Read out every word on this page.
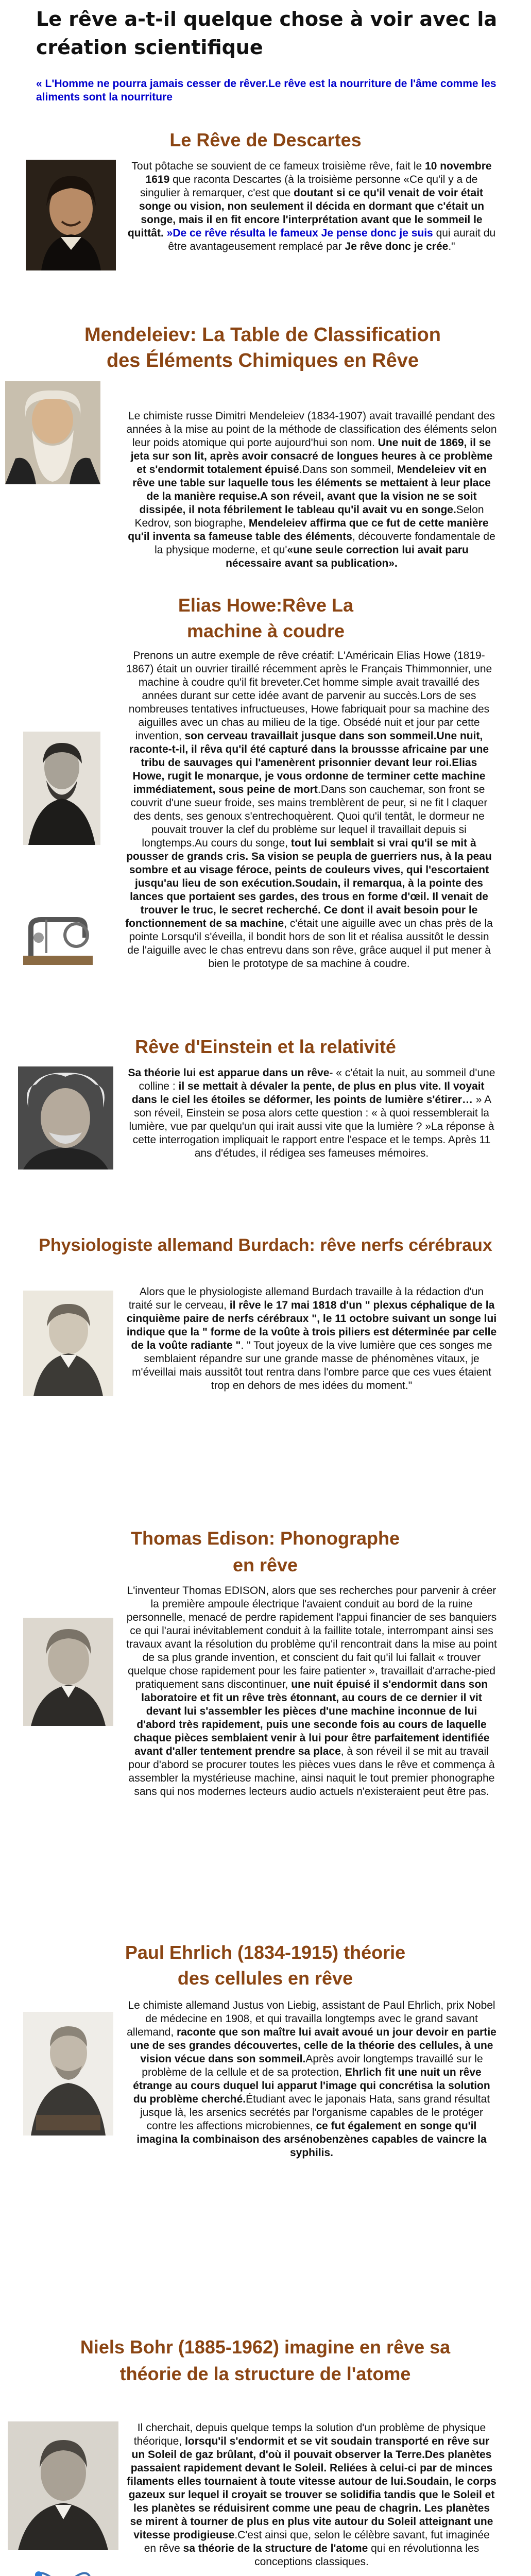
Le rêve a-t-il quelque chose à voir avec la création scientifique

« L'Homme ne pourra jamais cesser de rêver.Le rêve est la nourriture de l'âme comme les aliments sont la nourriture

Le Rêve de Descartes

Tout pôtache se souvient de ce fameux troisième rêve, fait le 10 novembre 1619 que raconta Descartes (à la troisième personne «Ce qu'il y a de singulier à remarquer, c'est que doutant si ce qu'il venait de voir était songe ou vision, non seulement il décida en dormant que c'était un songe, mais il en fit encore l'interprétation avant que le sommeil le quittât. »De ce rêve résulta le fameux Je pense donc je suis qui aurait du être avantageusement remplacé par Je rêve donc je crée."

Mendeleiev: La Table de Classification des Éléments Chimiques en Rêve

Le chimiste russe Dimitri Mendeleiev (1834-1907) avait travaillé pendant des années à la mise au point de la méthode de classification des éléments selon leur poids atomique qui porte aujourd'hui son nom. Une nuit de 1869, il se jeta sur son lit, après avoir consacré de longues heures à ce problème et s'endormit totalement épuisé.Dans son sommeil, Mendeleiev vit en rêve une table sur laquelle tous les éléments se mettaient à leur place de la manière requise.A son réveil, avant que la vision ne se soit dissipée, il nota fébrilement le tableau qu'il avait vu en songe.Selon Kedrov, son biographe, Mendeleiev affirma que ce fut de cette manière qu'il inventa sa fameuse table des éléments, découverte fondamentale de la physique moderne, et qu'«une seule correction lui avait paru nécessaire avant sa publication».

Elias Howe:Rêve La machine à coudre

Prenons un autre exemple de rêve créatif: L'Américain Elias Howe (1819-1867) était un ouvrier tiraillé récemment après le Français Thimmonnier, une machine à coudre qu'il fit breveter.Cet homme simple avait travaillé des années durant sur cette idée avant de parvenir au succès.Lors de ses nombreuses tentatives infructueuses, Howe fabriquait pour sa machine des aiguilles avec un chas au milieu de la tige. Obsédé nuit et jour par cette invention, son cerveau travaillait jusque dans son sommeil.Une nuit, raconte-t-il, il rêva qu'il été capturé dans la broussse africaine par une tribu de sauvages qui l'amenèrent prisonnier devant leur roi.Elias Howe, rugit le monarque, je vous ordonne de terminer cette machine immédiatement, sous peine de mort.Dans son cauchemar, son front se couvrit d'une sueur froide, ses mains tremblèrent de peur, si ne fit l claquer des dents, ses genoux s'entrechoquèrent. Quoi qu'il tentât, le dormeur ne pouvait trouver la clef du problème sur lequel il travaillait depuis si longtemps.Au cours du songe, tout lui semblait si vrai qu'il se mit à pousser de grands cris. Sa vision se peupla de guerriers nus, à la peau sombre et au visage féroce, peints de couleurs vives, qui l'escortaient jusqu'au lieu de son exécution.Soudain, il remarqua, à la pointe des lances que portaient ses gardes, des trous en forme d'œil. Il venait de trouver le truc, le secret recherché. Ce dont il avait besoin pour le fonctionnement de sa machine, c'était une aiguille avec un chas près de la pointe Lorsqu'il s'éveilla, il bondit hors de son lit et réalisa aussitôt le dessin de l'aiguille avec le chas entrevu dans son rêve, grâce auquel il put mener à bien le prototype de sa machine à coudre.

Rêve d'Einstein et la relativité

Sa théorie lui est apparue dans un rêve- « c'était la nuit, au sommeil d'une colline : il se mettait à dévaler la pente, de plus en plus vite. Il voyait dans le ciel les étoiles se déformer, les points de lumière s'étirer… » A son réveil, Einstein se posa alors cette question : « à quoi ressemblerait la lumière, vue par quelqu'un qui irait aussi vite que la lumière ? »La réponse à cette interrogation impliquait le rapport entre l'espace et le temps. Après 11 ans d'études, il rédigea ses fameuses mémoires.

Physiologiste allemand Burdach: rêve nerfs cérébraux

Alors que le physiologiste allemand Burdach travaille à la rédaction d'un traité sur le cerveau, il rêve le 17 mai 1818 d'un " plexus céphalique de la cinquième paire de nerfs cérébraux ", le 11 octobre suivant un songe lui indique que la " forme de la voûte à trois piliers est déterminée par celle de la voûte radiante ". " Tout joyeux de la vive lumière que ces songes me semblaient répandre sur une grande masse de phénomènes vitaux, je m'éveillai mais aussitôt tout rentra dans l'ombre parce que ces vues étaient trop en dehors de mes idées du moment."

Thomas Edison: Phonographe en rêve

L'inventeur Thomas EDISON, alors que ses recherches pour parvenir à créer la première ampoule électrique l'avaient conduit au bord de la ruine personnelle, menacé de perdre rapidement l'appui financier de ses banquiers ce qui l'aurai inévitablement conduit à la faillite totale, interrompant ainsi ses travaux avant la résolution du problème qu'il rencontrait dans la mise au point de sa plus grande invention, et conscient du fait qu'il lui fallait « trouver quelque chose rapidement pour les faire patienter », travaillait d'arrache-pied pratiquement sans discontinuer, une nuit épuisé il s'endormit dans son laboratoire et fit un rêve très étonnant, au cours de ce dernier il vit devant lui s'assembler les pièces d'une machine inconnue de lui d'abord très rapidement, puis une seconde fois au cours de laquelle chaque pièces semblaient venir à lui pour être parfaitement identifiée avant d'aller tentement prendre sa place, à son réveil il se mit au travail pour d'abord se procurer toutes les pièces vues dans le rêve et commença à assembler la mystérieuse machine, ainsi naquit le tout premier phonographe sans qui nos modernes lecteurs audio actuels n'existeraient peut être pas.

Paul Ehrlich (1834-1915) théorie des cellules en rêve

Le chimiste allemand Justus von Liebig, assistant de Paul Ehrlich, prix Nobel de médecine en 1908, et qui travailla longtemps avec le grand savant allemand, raconte que son maître lui avait avoué un jour devoir en partie une de ses grandes découvertes, celle de la théorie des cellules, à une vision vécue dans son sommeil.Après avoir longtemps travaillé sur le problème de la cellule et de sa protection, Ehrlich fit une nuit un rêve étrange au cours duquel lui apparut l'image qui concrétisa la solution du problème cherché.Étudiant avec le japonais Hata, sans grand résultat jusque là, les arsenics secrétés par l'organisme capables de le protéger contre les affections microbiennes, ce fut également en songe qu'il imagina la combinaison des arsénobenzènes capables de vaincre la syphilis.

Niels Bohr (1885-1962) imagine en rêve sa théorie de la structure de l'atome

Il cherchait, depuis quelque temps la solution d'un problème de physique théorique, lorsqu'il s'endormit et se vit soudain transporté en rêve sur un Soleil de gaz brûlant, d'où il pouvait observer la Terre.Des planètes passaient rapidement devant le Soleil. Reliées à celui-ci par de minces filaments elles tournaient à toute vitesse autour de lui.Soudain, le corps gazeux sur lequel il croyait se trouver se solidifia tandis que le Soleil et les planètes se réduisirent comme une peau de chagrin. Les planètes se mirent à tourner de plus en plus vite autour du Soleil atteignant une vitesse prodigieuse.C'est ainsi que, selon le célèbre savant, fut imaginée en rêve sa théorie de la structure de l'atome qui en révolutionna les conceptions classiques.
